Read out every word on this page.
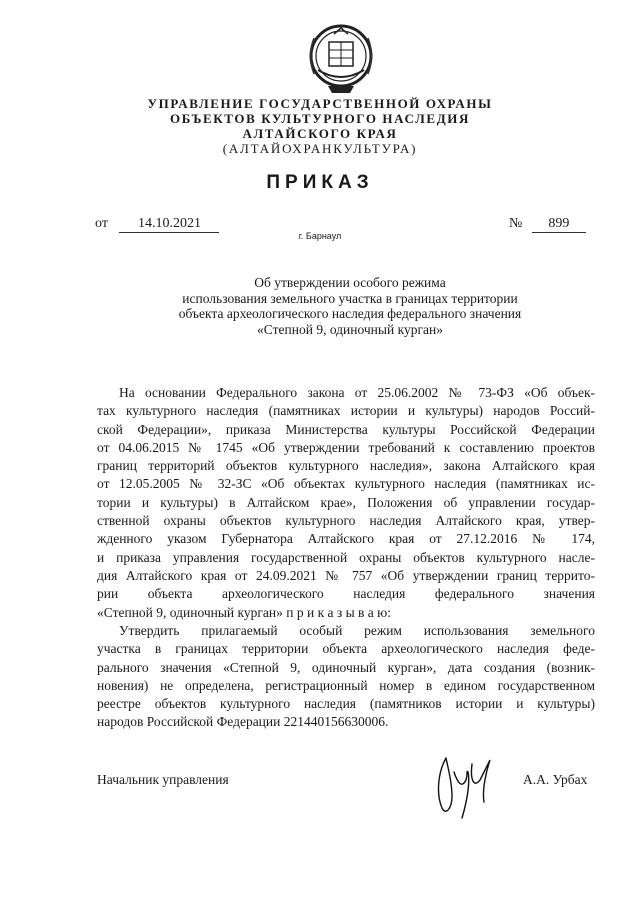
УПРАВЛЕНИЕ ГОСУДАРСТВЕННОЙ ОХРАНЫ
ОБЪЕКТОВ КУЛЬТУРНОГО НАСЛЕДИЯ
АЛТАЙСКОГО КРАЯ
(АЛТАЙОХРАНКУЛЬТУРА)
ПРИКАЗ
от 14.10.2021	№ 899
г. Барнаул
Об утверждении особого режима
использования земельного участка в границах территории
объекта археологического наследия федерального значения
«Степной 9, одиночный курган»
На основании Федерального закона от 25.06.2002 № 73-ФЗ «Об объек-
тах культурного наследия (памятниках истории и культуры) народов Россий-
ской Федерации», приказа Министерства культуры Российской Федерации
от 04.06.2015 № 1745 «Об утверждении требований к составлению проектов
границ территорий объектов культурного наследия», закона Алтайского края
от 12.05.2005 № 32-ЗС «Об объектах культурного наследия (памятниках ис-
тории и культуры) в Алтайском крае», Положения об управлении государ-
ственной охраны объектов культурного наследия Алтайского края, утвер-
жденного указом Губернатора Алтайского края от 27.12.2016 № 174,
и приказа управления государственной охраны объектов культурного насле-
дия Алтайского края от 24.09.2021 № 757 «Об утверждении границ террито-
рии объекта археологического наследия федерального значения
«Степной 9, одиночный курган» п р и к а з ы в а ю:
Утвердить прилагаемый особый режим использования земельного
участка в границах территории объекта археологического наследия феде-
рального значения «Степной 9, одиночный курган», дата создания (возник-
новения) не определена, регистрационный номер в едином государственном
реестре объектов культурного наследия (памятников истории и культуры)
народов Российской Федерации 221440156630006.
Начальник управления	А.А. Урбах
